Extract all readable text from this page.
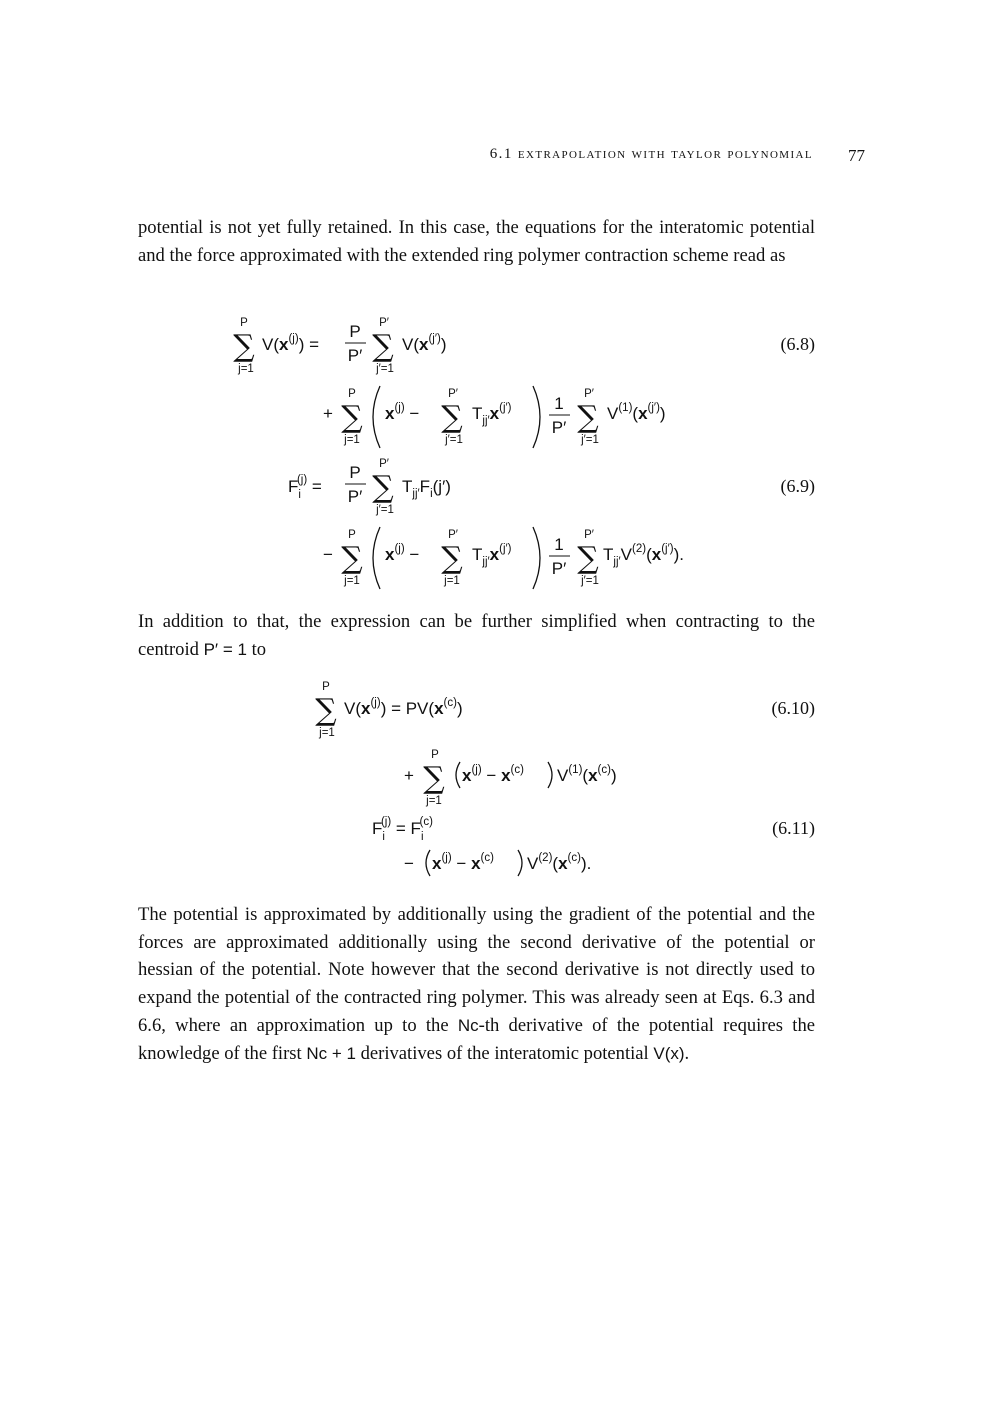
6.1 extrapolation with taylor polynomial 77

potential is not yet fully retained. In this case, the equations for the interatomic potential and the force approximated with the extended ring polymer contraction scheme read as

P
∑
j=1
$V(x^{(j)})$ =
P
P′
P′
∑
j′=1
$V(x^{(j')})$	(6.8)
+
P
∑
j=1
$x^{(j)}$ −
P′
∑
j′=1
$T_{jj'}x^{(j')}$	1
P′
P′
∑
j′=1
$V^{(1)}(x^{(j')})$
$F_i(j)$ =
P
P′
P′
∑
j′=1
$T_{jj'}F_i(j')$	(6.9)
−
P
∑
j=1
$x^{(j)}$ −
P′
∑
j=1
$T_{jj'}x^{(j')}$	1
P′
P′
∑
j′=1
$T_{jj'}V^{(2)}(x^{(j')})$.

In addition to that, the expression can be further simplified when contracting to the centroid P′ = 1 to

P
∑
j=1
$V(x^{(j)}) = PV(x^{(c)})$	(6.10)
+
P
∑
j=1
$x^{(j)} - x^{(c)}$ $V^{(1)}(x^{(c)})$
$F_i(j) = F_i(c)$	(6.11)
− $x^{(j)} - x^{(c)}$ $V^{(2)}(x^{(c)})$.

The potential is approximated by additionally using the gradient of the potential and the forces are approximated additionally using the second derivative of the potential or hessian of the potential. Note however that the second derivative is not directly used to expand the potential of the contracted ring polymer. This was already seen at Eqs. 6.3 and 6.6, where an approximation up to the Nc-th derivative of the potential requires the knowledge of the first Nc + 1 derivatives of the interatomic potential V(x).
